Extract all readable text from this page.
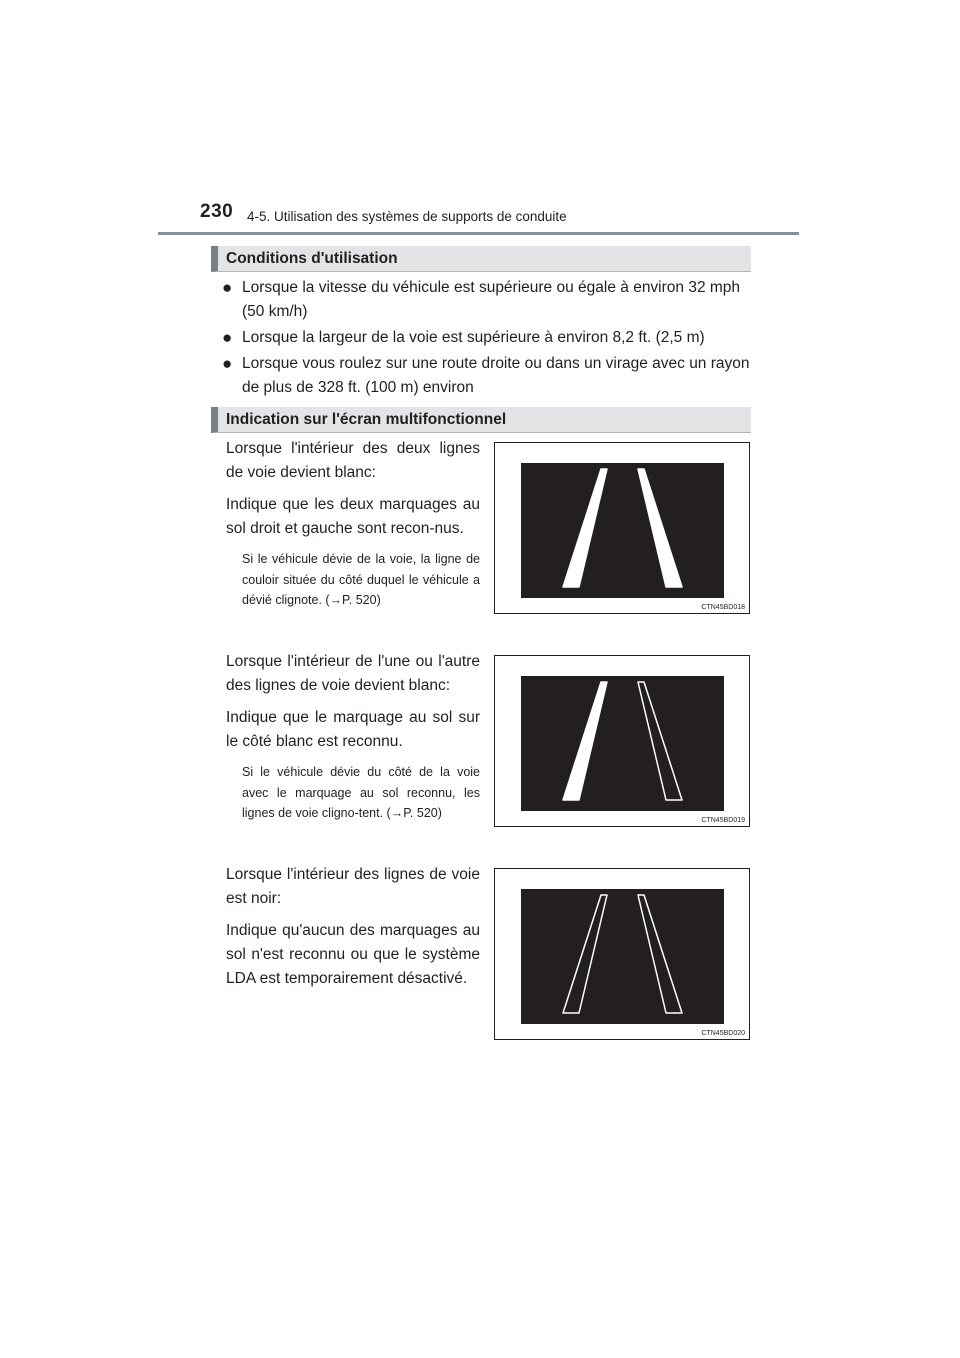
230 4-5. Utilisation des systèmes de supports de conduite
Conditions d'utilisation
● Lorsque la vitesse du véhicule est supérieure ou égale à environ 32 mph (50 km/h)
● Lorsque la largeur de la voie est supérieure à environ 8,2 ft. (2,5 m)
● Lorsque vous roulez sur une route droite ou dans un virage avec un rayon de plus de 328 ft. (100 m) environ
Indication sur l'écran multifonctionnel

Lorsque l'intérieur des deux lignes de voie devient blanc:

Indique que les deux marquages au sol droit et gauche sont recon-nus.

Si le véhicule dévie de la voie, la ligne de couloir située du côté duquel le véhicule a dévié clignote. (→P. 520)

CTN45BD018

Lorsque l'intérieur de l'une ou l'autre des lignes de voie devient blanc:

Indique que le marquage au sol sur le côté blanc est reconnu.

Si le véhicule dévie du côté de la voie avec le marquage au sol reconnu, les lignes de voie cligno-tent. (→P. 520)

CTN45BD019

Lorsque l'intérieur des lignes de voie est noir:

Indique qu'aucun des marquages au sol n'est reconnu ou que le système LDA est temporairement désactivé.

CTN45BD020
